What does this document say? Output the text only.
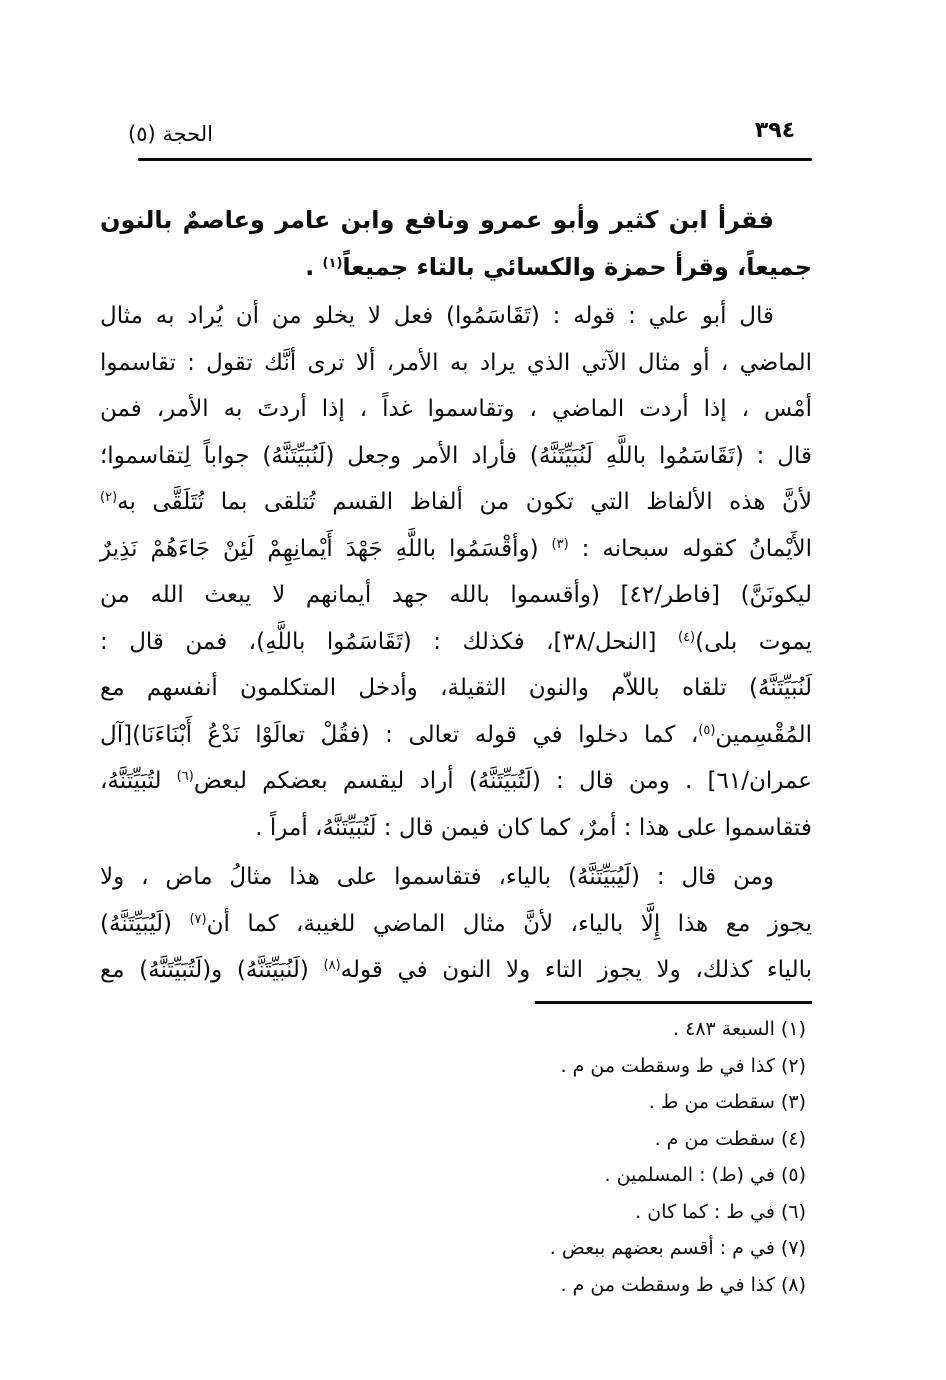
الحجة (٥)	٣٩٤
فقرأ ابن كثير وأبو عمرو ونافع وابن عامر وعاصمٌ بالنون
جميعاً، وقرأ حمزة والكسائي بالتاء جميعاً$^{(١)}$ .
قال أبو علي : قوله : (تَقَاسَمُوا) فعل لا يخلو من أن يُراد به مثال
الماضي ، أو مثال الآتي الذي يراد به الأمر، ألا ترى أنَّك تقول : تقاسموا
أمْس ، إذا أردت الماضي ، وتقاسموا غداً ، إذا أردتَ به الأمر، فمن
قال : (تَقَاسَمُوا باللَّهِ لَنُبَيِّتَنَّهُ) فأراد الأمر وجعل (لَنُبَيِّتَنَّهُ) جواباً لِتقاسموا؛
لأنَّ هذه الألفاظ التي تكون من ألفاظ القسم تُتلقى بما تُتَلَقَّى به$^{(٢)}$
الأَيْمانُ كقوله سبحانه : $^{(٣)}$ (وأقْسَمُوا باللَّهِ جَهْدَ أَيْمانِهِمْ لَئِنْ جَاءَهُمْ نَذِيرٌ
ليكونَنَّ) [فاطر/٤٢] (وأقسموا بالله جهد أيمانهم لا يبعث الله من
يموت بلى)$^{(٤)}$ [النحل/٣٨]، فكذلك : (تَقَاسَمُوا باللَّهِ)، فمن قال :
لَنُبَيِّتَنَّهُ) تلقاه باللاّم والنون الثقيلة، وأدخل المتكلمون أنفسهم مع
المُقْسِمين$^{(٥)}$، كما دخلوا في قوله تعالى : (فقُلْ تعالَوْا نَدْعُ أَبْنَاءَنَا)[آل
عمران/٦١] . ومن قال : (لَتُبَيِّتَنَّهُ) أراد ليقسم بعضكم لبعض$^{(٦)}$ لتُبَيِّتَنَّهُ،
فتقاسموا على هذا : أمرٌ، كما كان فيمن قال : لَتُبَيِّتَنَّهُ، أمراً .
ومن قال : (لَيُبَيِّتَنَّهُ) بالياء، فتقاسموا على هذا مثالُ ماض ، ولا
يجوز مع هذا إِلَّا بالياء، لأنَّ مثال الماضي للغيبة، كما أن$^{(٧)}$ (لَيُبَيِّتَنَّهُ)
بالياء كذلك، ولا يجوز التاء ولا النون في قوله$^{(٨)}$ (لَنُبَيِّتَنَّهُ) و(لَتُبَيِّتَنَّهُ) مع
(١) السبعة ٤٨٣ .
(٢) كذا في ط وسقطت من م .
(٣) سقطت من ط .
(٤) سقطت من م .
(٥) في (ط) : المسلمين .
(٦) في ط : كما كان .
(٧) في م : أقسم بعضهم ببعض .
(٨) كذا في ط وسقطت من م .
